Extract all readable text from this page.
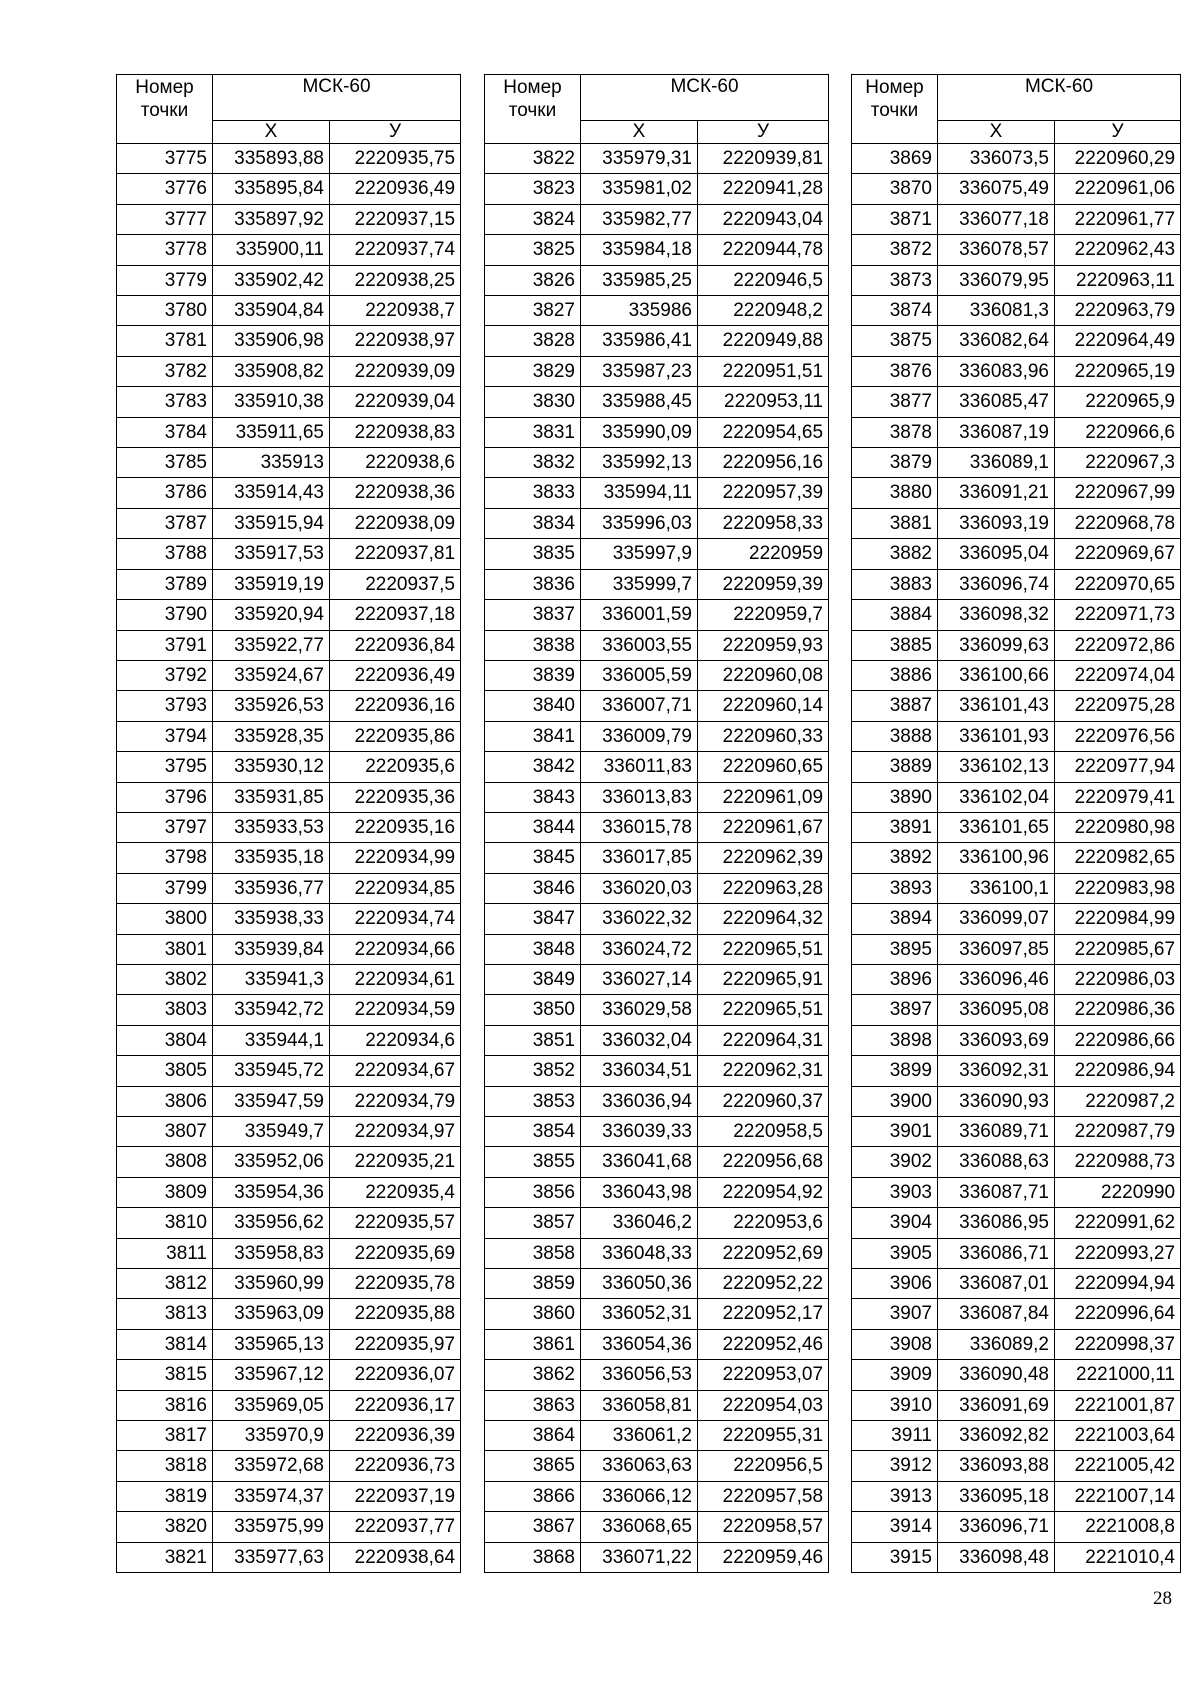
Номер
точки	МСК-60	
	Х	У
3775	335893,88	2220935,75
3776	335895,84	2220936,49
3777	335897,92	2220937,15
3778	335900,11	2220937,74
3779	335902,42	2220938,25
3780	335904,84	2220938,7
3781	335906,98	2220938,97
3782	335908,82	2220939,09
3783	335910,38	2220939,04
3784	335911,65	2220938,83
3785	335913	2220938,6
3786	335914,43	2220938,36
3787	335915,94	2220938,09
3788	335917,53	2220937,81
3789	335919,19	2220937,5
3790	335920,94	2220937,18
3791	335922,77	2220936,84
3792	335924,67	2220936,49
3793	335926,53	2220936,16
3794	335928,35	2220935,86
3795	335930,12	2220935,6
3796	335931,85	2220935,36
3797	335933,53	2220935,16
3798	335935,18	2220934,99
3799	335936,77	2220934,85
3800	335938,33	2220934,74
3801	335939,84	2220934,66
3802	335941,3	2220934,61
3803	335942,72	2220934,59
3804	335944,1	2220934,6
3805	335945,72	2220934,67
3806	335947,59	2220934,79
3807	335949,7	2220934,97
3808	335952,06	2220935,21
3809	335954,36	2220935,4
3810	335956,62	2220935,57
3811	335958,83	2220935,69
3812	335960,99	2220935,78
3813	335963,09	2220935,88
3814	335965,13	2220935,97
3815	335967,12	2220936,07
3816	335969,05	2220936,17
3817	335970,9	2220936,39
3818	335972,68	2220936,73
3819	335974,37	2220937,19
3820	335975,99	2220937,77
3821	335977,63	2220938,64
Номер
точки	МСК-60	
	Х	У
3822	335979,31	2220939,81
3823	335981,02	2220941,28
3824	335982,77	2220943,04
3825	335984,18	2220944,78
3826	335985,25	2220946,5
3827	335986	2220948,2
3828	335986,41	2220949,88
3829	335987,23	2220951,51
3830	335988,45	2220953,11
3831	335990,09	2220954,65
3832	335992,13	2220956,16
3833	335994,11	2220957,39
3834	335996,03	2220958,33
3835	335997,9	2220959
3836	335999,7	2220959,39
3837	336001,59	2220959,7
3838	336003,55	2220959,93
3839	336005,59	2220960,08
3840	336007,71	2220960,14
3841	336009,79	2220960,33
3842	336011,83	2220960,65
3843	336013,83	2220961,09
3844	336015,78	2220961,67
3845	336017,85	2220962,39
3846	336020,03	2220963,28
3847	336022,32	2220964,32
3848	336024,72	2220965,51
3849	336027,14	2220965,91
3850	336029,58	2220965,51
3851	336032,04	2220964,31
3852	336034,51	2220962,31
3853	336036,94	2220960,37
3854	336039,33	2220958,5
3855	336041,68	2220956,68
3856	336043,98	2220954,92
3857	336046,2	2220953,6
3858	336048,33	2220952,69
3859	336050,36	2220952,22
3860	336052,31	2220952,17
3861	336054,36	2220952,46
3862	336056,53	2220953,07
3863	336058,81	2220954,03
3864	336061,2	2220955,31
3865	336063,63	2220956,5
3866	336066,12	2220957,58
3867	336068,65	2220958,57
3868	336071,22	2220959,46
Номер
точки	МСК-60	
	Х	У
3869	336073,5	2220960,29
3870	336075,49	2220961,06
3871	336077,18	2220961,77
3872	336078,57	2220962,43
3873	336079,95	2220963,11
3874	336081,3	2220963,79
3875	336082,64	2220964,49
3876	336083,96	2220965,19
3877	336085,47	2220965,9
3878	336087,19	2220966,6
3879	336089,1	2220967,3
3880	336091,21	2220967,99
3881	336093,19	2220968,78
3882	336095,04	2220969,67
3883	336096,74	2220970,65
3884	336098,32	2220971,73
3885	336099,63	2220972,86
3886	336100,66	2220974,04
3887	336101,43	2220975,28
3888	336101,93	2220976,56
3889	336102,13	2220977,94
3890	336102,04	2220979,41
3891	336101,65	2220980,98
3892	336100,96	2220982,65
3893	336100,1	2220983,98
3894	336099,07	2220984,99
3895	336097,85	2220985,67
3896	336096,46	2220986,03
3897	336095,08	2220986,36
3898	336093,69	2220986,66
3899	336092,31	2220986,94
3900	336090,93	2220987,2
3901	336089,71	2220987,79
3902	336088,63	2220988,73
3903	336087,71	2220990
3904	336086,95	2220991,62
3905	336086,71	2220993,27
3906	336087,01	2220994,94
3907	336087,84	2220996,64
3908	336089,2	2220998,37
3909	336090,48	2221000,11
3910	336091,69	2221001,87
3911	336092,82	2221003,64
3912	336093,88	2221005,42
3913	336095,18	2221007,14
3914	336096,71	2221008,8
3915	336098,48	2221010,4
28
